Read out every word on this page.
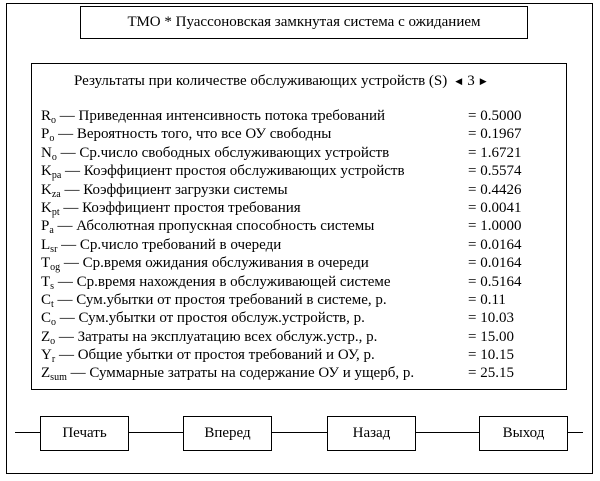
ТМО * Пуассоновская замкнутая система с ожиданием
Результаты при количестве обслуживающих устройств (S) ◀ 3 ▶
$R_o$ — Приведенная интенсивность потока требований	= 0.5000
$P_o$ — Вероятность того, что все ОУ свободны	= 0.1967
$N_o$ — Ср.число свободных обслуживающих устройств	= 1.6721
$K_{pa}$ — Коэффициент простоя обслуживающих устройств	= 0.5574
$K_{za}$ — Коэффициент загрузки системы	= 0.4426
$K_{pt}$ — Коэффициент простоя требования	= 0.0041
$P_a$ — Абсолютная пропускная способность системы	= 1.0000
$L_{sr}$ — Ср.число требований в очереди	= 0.0164
$T_{og}$ — Ср.время ожидания обслуживания в очереди	= 0.0164
$T_s$ — Ср.время нахождения в обслуживающей системе	= 0.5164
$C_t$ — Сум.убытки от простоя требований в системе, р.	= 0.11
$C_o$ — Сум.убытки от простоя обслуж.устройств, р.	= 10.03
$Z_o$ — Затраты на эксплуатацию всех обслуж.устр., р.	= 15.00
$Y_r$ — Общие убытки от простоя требований и ОУ, р.	= 10.15
$Z_{sum}$ — Суммарные затраты на содержание ОУ и ущерб, р.	= 25.15
Печать	Вперед	Назад	Выход
